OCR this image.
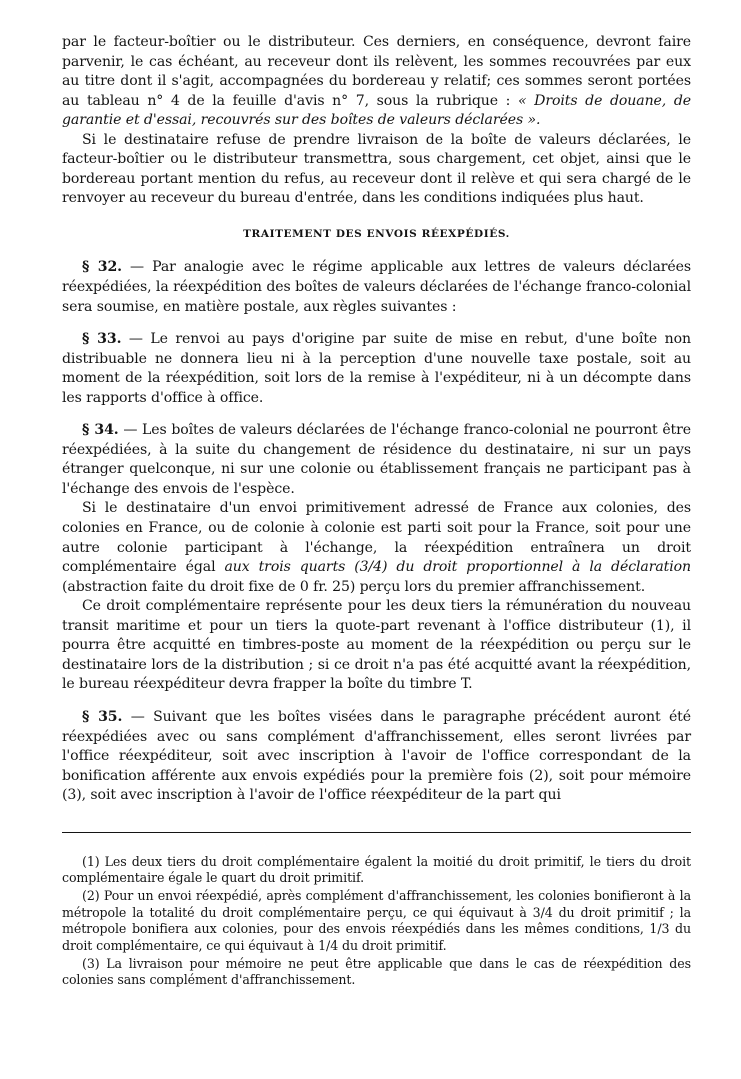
par le facteur-boîtier ou le distributeur. Ces derniers, en conséquence, devront faire parvenir, le cas échéant, au receveur dont ils relèvent, les sommes recouvrées par eux au titre dont il s'agit, accompagnées du bordereau y relatif; ces sommes seront portées au tableau n° 4 de la feuille d'avis n° 7, sous la rubrique : « Droits de douane, de garantie et d'essai, recouvrés sur des boîtes de valeurs déclarées ».

Si le destinataire refuse de prendre livraison de la boîte de valeurs déclarées, le facteur-boîtier ou le distributeur transmettra, sous chargement, cet objet, ainsi que le bordereau portant mention du refus, au receveur dont il relève et qui sera chargé de le renvoyer au receveur du bureau d'entrée, dans les conditions indiquées plus haut.

TRAITEMENT DES ENVOIS RÉEXPÉDIÉS.

§ 32. — Par analogie avec le régime applicable aux lettres de valeurs déclarées réexpédiées, la réexpédition des boîtes de valeurs déclarées de l'échange franco-colonial sera soumise, en matière postale, aux règles suivantes :

§ 33. — Le renvoi au pays d'origine par suite de mise en rebut, d'une boîte non distribuable ne donnera lieu ni à la perception d'une nouvelle taxe postale, soit au moment de la réexpédition, soit lors de la remise à l'expéditeur, ni à un décompte dans les rapports d'office à office.

§ 34. — Les boîtes de valeurs déclarées de l'échange franco-colonial ne pourront être réexpédiées, à la suite du changement de résidence du destinataire, ni sur un pays étranger quelconque, ni sur une colonie ou établissement français ne participant pas à l'échange des envois de l'espèce.

Si le destinataire d'un envoi primitivement adressé de France aux colonies, des colonies en France, ou de colonie à colonie est parti soit pour la France, soit pour une autre colonie participant à l'échange, la réexpédition entraînera un droit complémentaire égal aux trois quarts (3/4) du droit proportionnel à la déclaration (abstraction faite du droit fixe de 0 fr. 25) perçu lors du premier affranchissement.

Ce droit complémentaire représente pour les deux tiers la rémunération du nouveau transit maritime et pour un tiers la quote-part revenant à l'office distributeur (1), il pourra être acquitté en timbres-poste au moment de la réexpédition ou perçu sur le destinataire lors de la distribution ; si ce droit n'a pas été acquitté avant la réexpédition, le bureau réexpéditeur devra frapper la boîte du timbre T.

§ 35. — Suivant que les boîtes visées dans le paragraphe précédent auront été réexpédiées avec ou sans complément d'affranchissement, elles seront livrées par l'office réexpéditeur, soit avec inscription à l'avoir de l'office correspondant de la bonification afférente aux envois expédiés pour la première fois (2), soit pour mémoire (3), soit avec inscription à l'avoir de l'office réexpéditeur de la part qui

(1) Les deux tiers du droit complémentaire égalent la moitié du droit primitif, le tiers du droit complémentaire égale le quart du droit primitif.

(2) Pour un envoi réexpédié, après complément d'affranchissement, les colonies bonifieront à la métropole la totalité du droit complémentaire perçu, ce qui équivaut à 3/4 du droit primitif ; la métropole bonifiera aux colonies, pour des envois réexpédiés dans les mêmes conditions, 1/3 du droit complémentaire, ce qui équivaut à 1/4 du droit primitif.

(3) La livraison pour mémoire ne peut être applicable que dans le cas de réexpédition des colonies sans complément d'affranchissement.
